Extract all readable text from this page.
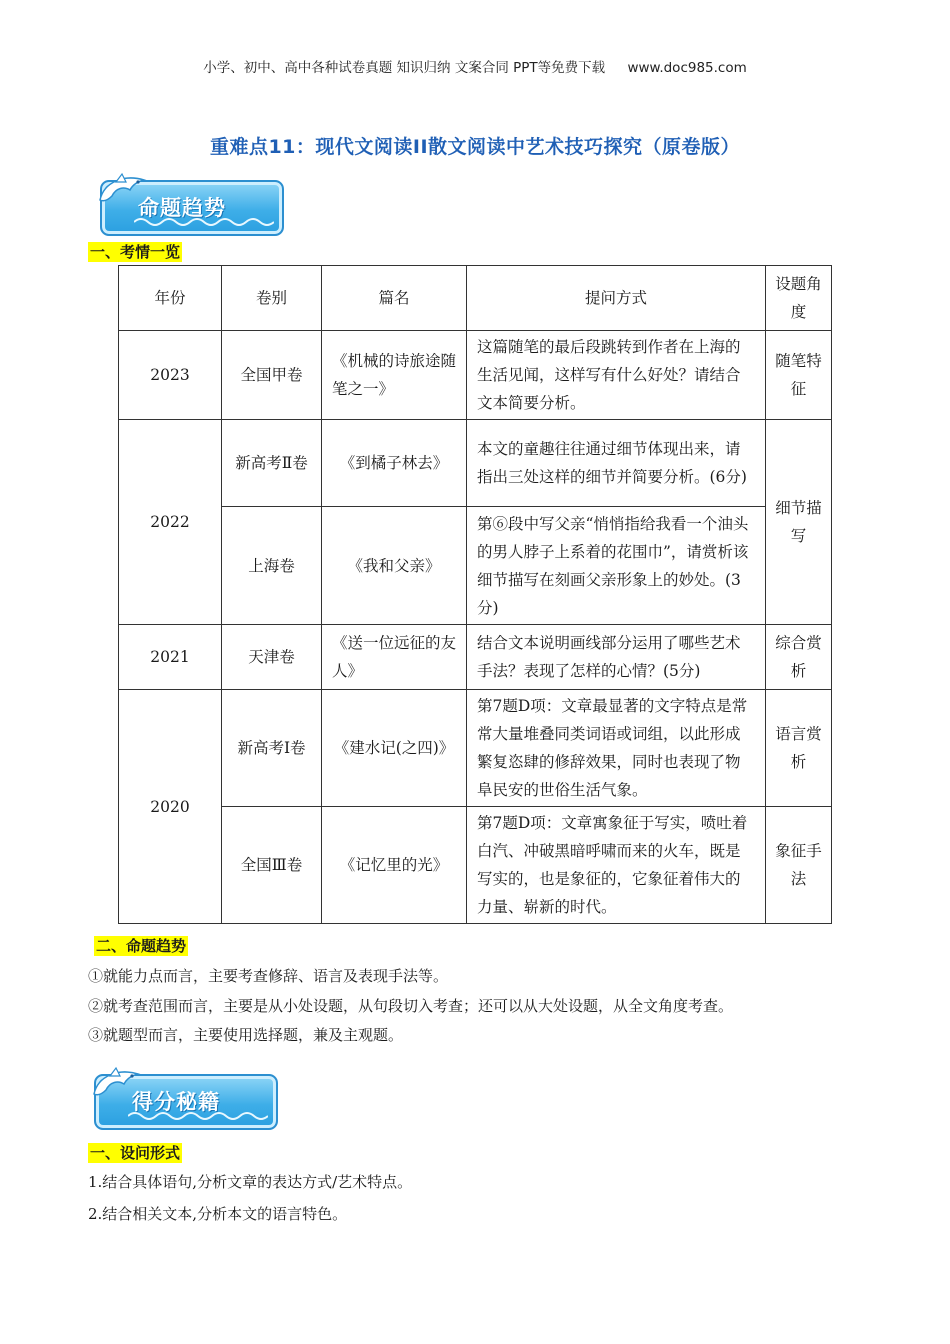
小学、初中、高中各种试卷真题 知识归纳 文案合同 PPT等免费下载 www.doc985.com
重难点11：现代文阅读II散文阅读中艺术技巧探究（原卷版）
命题趋势
一、考情一览
年份	卷别	篇名	提问方式	设题角度
2023	全国甲卷	《机械的诗旅途随笔之一》	这篇随笔的最后段跳转到作者在上海的生活见闻，这样写有什么好处？请结合文本简要分析。	随笔特征
2022	新高考Ⅱ卷	《到橘子林去》	本文的童趣往往通过细节体现出来，请指出三处这样的细节并简要分析。(6分)	细节描写
	上海卷	《我和父亲》	第⑥段中写父亲“悄悄指给我看一个油头的男人脖子上系着的花围巾”，请赏析该细节描写在刻画父亲形象上的妙处。(3分)	
2021	天津卷	《送一位远征的友人》	结合文本说明画线部分运用了哪些艺术手法？表现了怎样的心情？(5分)	综合赏析
2020	新高考Ⅰ卷	《建水记(之四)》	第7题D项：文章最显著的文字特点是常常大量堆叠同类词语或词组，以此形成繁复恣肆的修辞效果，同时也表现了物阜民安的世俗生活气象。	语言赏析
	全国Ⅲ卷	《记忆里的光》	第7题D项：文章寓象征于写实，喷吐着白汽、冲破黑暗呼啸而来的火车，既是写实的，也是象征的，它象征着伟大的力量、崭新的时代。	象征手法
二、命题趋势
①就能力点而言，主要考查修辞、语言及表现手法等。
②就考查范围而言，主要是从小处设题，从句段切入考查；还可以从大处设题，从全文角度考查。
③就题型而言，主要使用选择题，兼及主观题。
得分秘籍
一、设问形式
1.结合具体语句,分析文章的表达方式/艺术特点。
2.结合相关文本,分析本文的语言特色。
